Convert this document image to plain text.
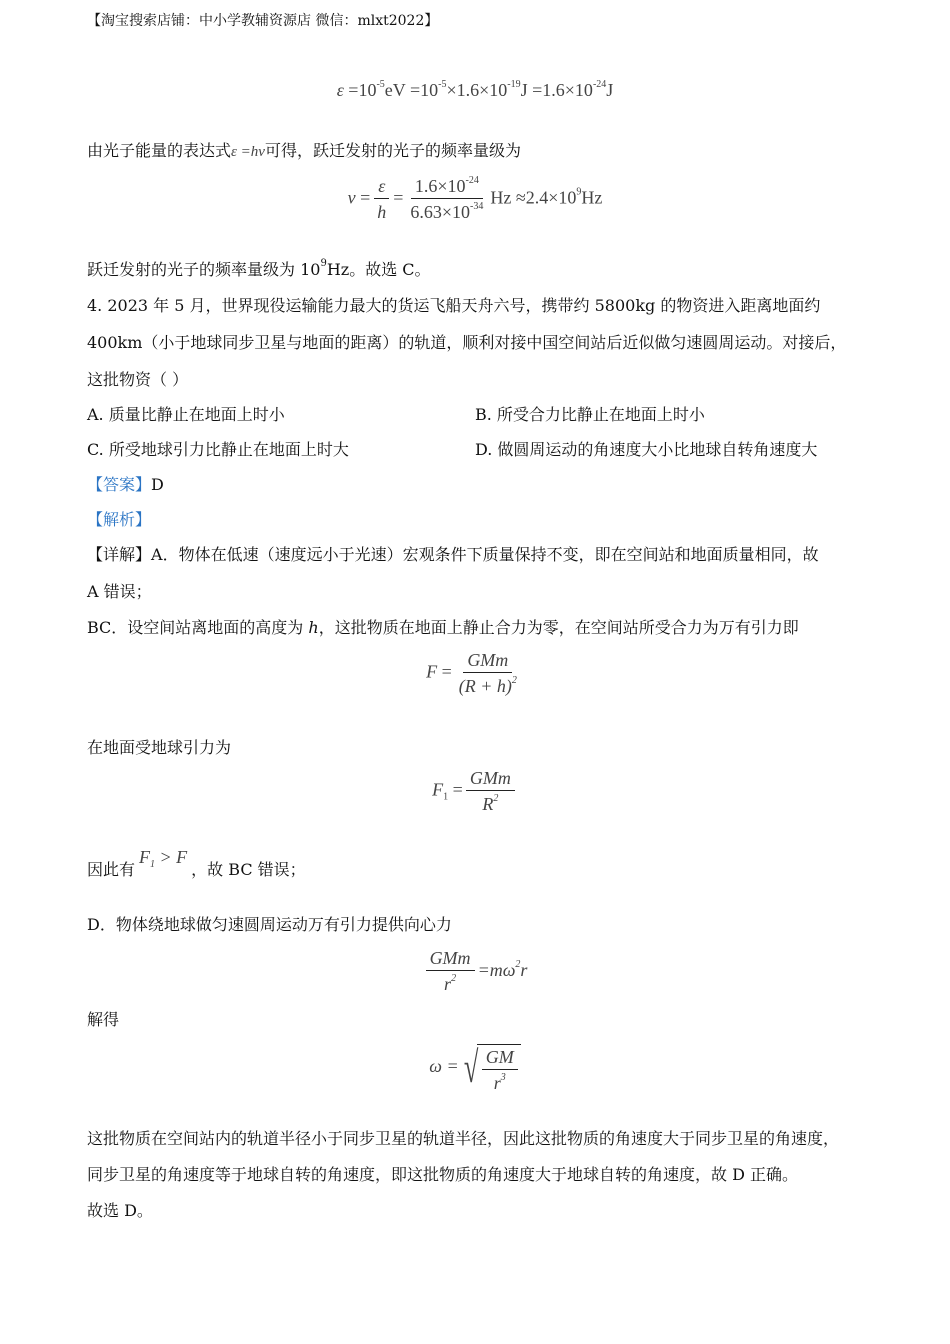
【淘宝搜索店铺：中小学教辅资源店 微信：mlxt2022】
$\varepsilon =10^{-5}eV =10^{-5}\times 1.6\times 10^{-19}J =1.6\times 10^{-24}J$
由光子能量的表达式ε =hν可得，跃迁发射的光子的频率量级为
$\nu = \frac{\varepsilon}{h} = \frac{1.6\times 10^{-24}}{6.63\times 10^{-34}}$ $Hz \approx 2.4\times 10^9Hz$
跃迁发射的光子的频率量级为 $10^9Hz$。故选 C。
4. 2023 年 5 月，世界现役运输能力最大的货运飞船天舟六号，携带约 5800kg 的物资进入距离地面约
400km（小于地球同步卫星与地面的距离）的轨道，顺利对接中国空间站后近似做匀速圆周运动。对接后，
这批物资（ ）
A. 质量比静止在地面上时小	B. 所受合力比静止在地面上时小
C. 所受地球引力比静止在地面上时大	D. 做圆周运动的角速度大小比地球自转角速度大
【答案】D
【解析】
【详解】A．物体在低速（速度远小于光速）宏观条件下质量保持不变，即在空间站和地面质量相同，故
A 错误；
BC．设空间站离地面的高度为 h，这批物质在地面上静止合力为零，在空间站所受合力为万有引力即
$F = \frac{\text{GMm}}{(R + h)^2}$
在地面受地球引力为
$F_1 = \frac{\text{GMm}}{R^2}$
因此有$F_1 > F$，故 BC 错误；
D．物体绕地球做匀速圆周运动万有引力提供向心力
$\frac{\text{GMm}}{r^2} =m\omega^2r$
解得
ω = √ $\frac{GM}{r^3}$
这批物质在空间站内的轨道半径小于同步卫星的轨道半径，因此这批物质的角速度大于同步卫星的角速度，
同步卫星的角速度等于地球自转的角速度，即这批物质的角速度大于地球自转的角速度，故 D 正确。
故选 D。
